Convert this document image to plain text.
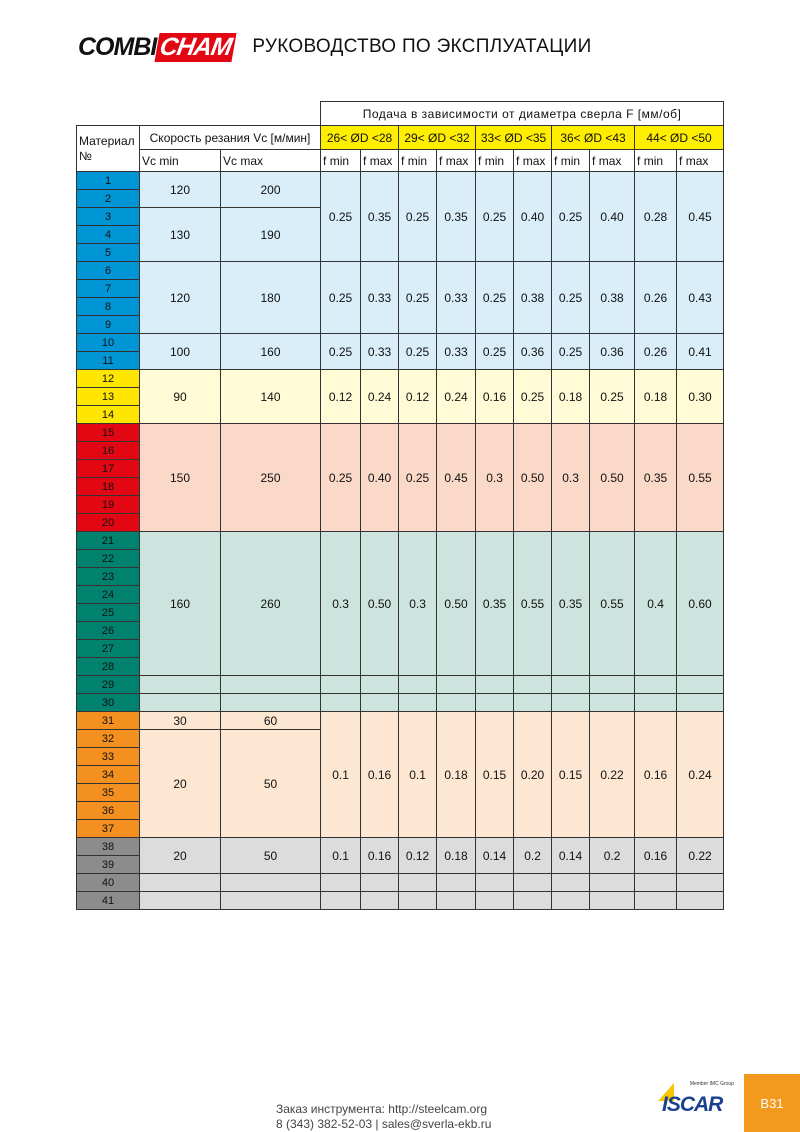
COMBI CHAM РУКОВОДСТВО ПО ЭКСПЛУАТАЦИИ
			Подача в зависимости от диаметра сверла F [мм/об]									
Материал №	Скорость резания Vc [м/мин]		26< ØD <28		29< ØD <32		33< ØD <35		36< ØD <43		44< ØD <50	
	Vc min	Vc max	f min	f max	f min	f max	f min	f max	f min	f max	f min	f max
1	120	200	0.25	0.35	0.25	0.35	0.25	0.40	0.25	0.40	0.28	0.45
2												
3	130	190										
4												
5												
6	120	180	0.25	0.33	0.25	0.33	0.25	0.38	0.25	0.38	0.26	0.43
7												
8												
9												
10	100	160	0.25	0.33	0.25	0.33	0.25	0.36	0.25	0.36	0.26	0.41
11												
12	90	140	0.12	0.24	0.12	0.24	0.16	0.25	0.18	0.25	0.18	0.30
13												
14												
15	150	250	0.25	0.40	0.25	0.45	0.3	0.50	0.3	0.50	0.35	0.55
16												
17												
18												
19												
20												
21	160	260	0.3	0.50	0.3	0.50	0.35	0.55	0.35	0.55	0.4	0.60
22												
23												
24												
25												
26												
27												
28												
29												
30												
31	30	60	0.1	0.16	0.1	0.18	0.15	0.20	0.15	0.22	0.16	0.24
32	20	50										
33												
34												
35												
36												
37												
38	20	50	0.1	0.16	0.12	0.18	0.14	0.2	0.14	0.2	0.16	0.22
39												
40												
41												
Заказ инструмента: http://steelcam.org
8 (343) 382-52-03 | sales@sverla-ekb.ru
Member IMC Group
ISCAR	B31
